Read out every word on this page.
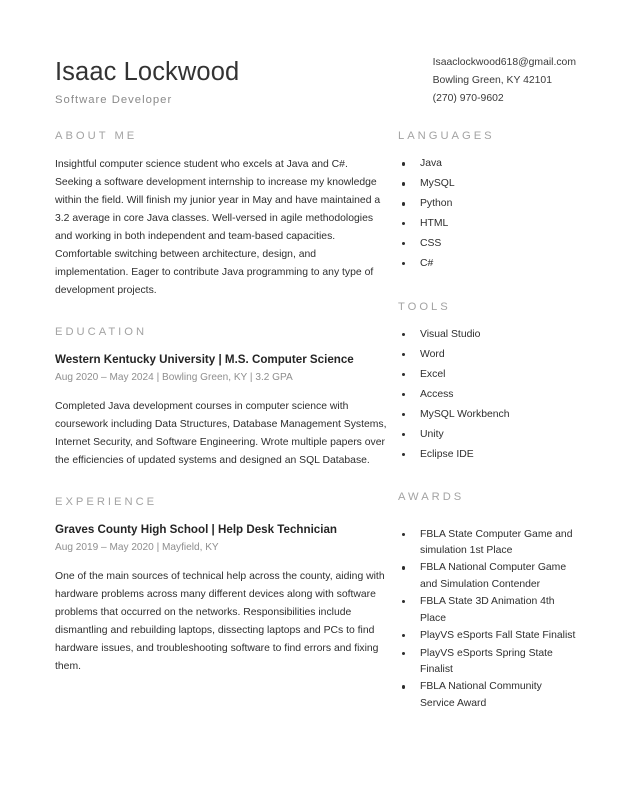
Isaac Lockwood
Software Developer
Isaaclockwood618@gmail.com
Bowling Green, KY 42101
(270) 970-9602
ABOUT ME

Insightful computer science student who excels at Java and C#. Seeking a software development internship to increase my knowledge within the field. Will finish my junior year in May and have maintained a 3.2 average in core Java classes. Well-versed in agile methodologies and working in both independent and team-based capacities. Comfortable switching between architecture, design, and implementation. Eager to contribute Java programming to any type of development projects.

EDUCATION
Western Kentucky University | M.S. Computer Science
Aug 2020 – May 2024 | Bowling Green, KY | 3.2 GPA

Completed Java development courses in computer science with coursework including Data Structures, Database Management Systems, Internet Security, and Software Engineering. Wrote multiple papers over the efficiencies of updated systems and designed an SQL Database.

EXPERIENCE
Graves County High School | Help Desk Technician
Aug 2019 – May 2020 | Mayfield, KY

One of the main sources of technical help across the county, aiding with hardware problems across many different devices along with software problems that occurred on the networks. Responsibilities include dismantling and rebuilding laptops, dissecting laptops and PCs to find hardware issues, and troubleshooting software to find errors and fixing them.

LANGUAGES
Java
MySQL
Python
HTML
CSS
C#
TOOLS
Visual Studio
Word
Excel
Access
MySQL Workbench
Unity
Eclipse IDE
AWARDS
FBLA State Computer Game and simulation 1st Place
FBLA National Computer Game and Simulation Contender
FBLA State 3D Animation 4th Place
PlayVS eSports Fall State Finalist
PlayVS eSports Spring State Finalist
FBLA National Community Service Award
